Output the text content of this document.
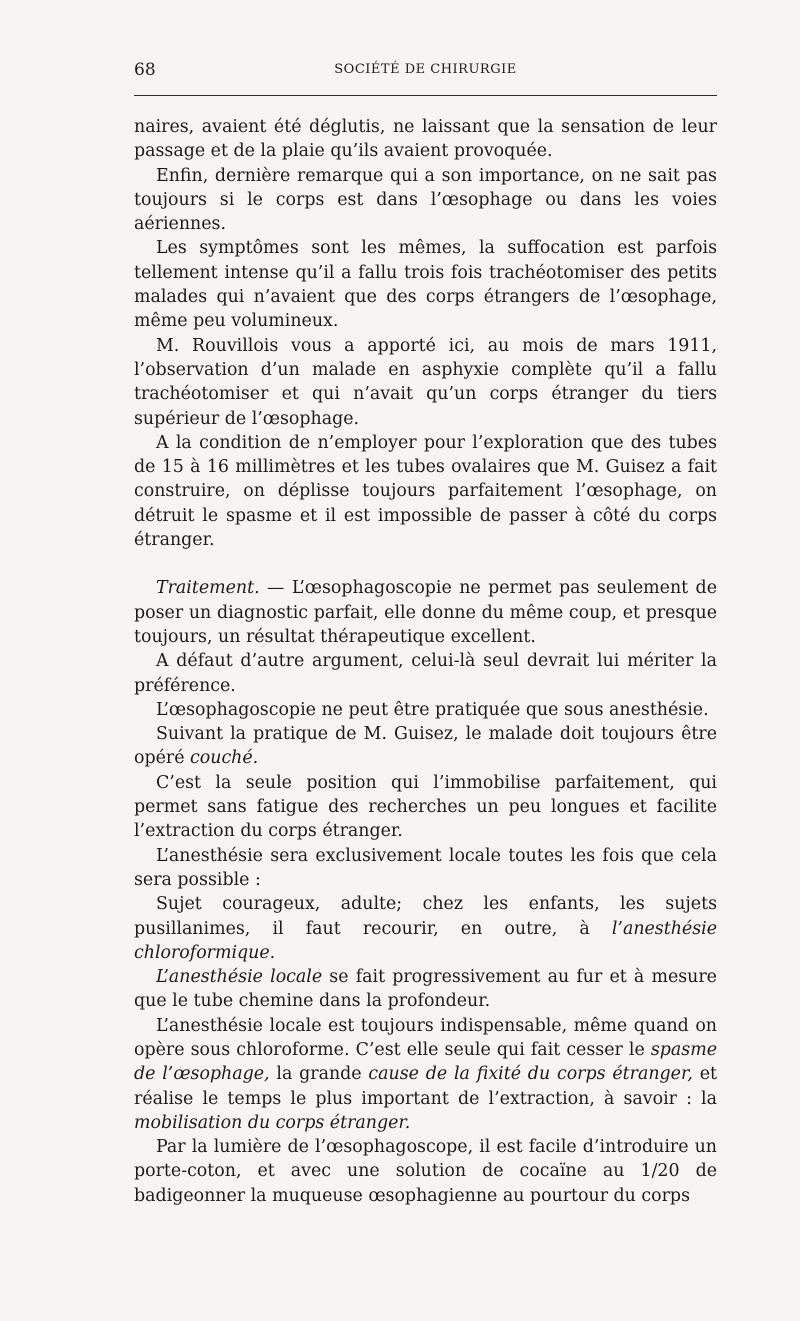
68	SOCIÉTÉ DE CHIRURGIE

naires, avaient été déglutis, ne laissant que la sensation de leur passage et de la plaie qu’ils avaient provoquée.

Enfin, dernière remarque qui a son importance, on ne sait pas toujours si le corps est dans l’œsophage ou dans les voies aériennes.

Les symptômes sont les mêmes, la suffocation est parfois tellement intense qu’il a fallu trois fois trachéotomiser des petits malades qui n’avaient que des corps étrangers de l’œsophage, même peu volumineux.

M. Rouvillois vous a apporté ici, au mois de mars 1911, l’observation d’un malade en asphyxie complète qu’il a fallu trachéotomiser et qui n’avait qu’un corps étranger du tiers supérieur de l’œsophage.

A la condition de n’employer pour l’exploration que des tubes de 15 à 16 millimètres et les tubes ovalaires que M. Guisez a fait construire, on déplisse toujours parfaitement l’œsophage, on détruit le spasme et il est impossible de passer à côté du corps étranger.

Traitement. — L’œsophagoscopie ne permet pas seulement de poser un diagnostic parfait, elle donne du même coup, et presque toujours, un résultat thérapeutique excellent.

A défaut d’autre argument, celui-là seul devrait lui mériter la préférence.

L’œsophagoscopie ne peut être pratiquée que sous anesthésie.

Suivant la pratique de M. Guisez, le malade doit toujours être opéré couché.

C’est la seule position qui l’immobilise parfaitement, qui permet sans fatigue des recherches un peu longues et facilite l’extraction du corps étranger.

L’anesthésie sera exclusivement locale toutes les fois que cela sera possible :

Sujet courageux, adulte; chez les enfants, les sujets pusillanimes, il faut recourir, en outre, à l’anesthésie chloroformique.

L’anesthésie locale se fait progressivement au fur et à mesure que le tube chemine dans la profondeur.

L’anesthésie locale est toujours indispensable, même quand on opère sous chloroforme. C’est elle seule qui fait cesser le spasme de l’œsophage, la grande cause de la fixité du corps étranger, et réalise le temps le plus important de l’extraction, à savoir : la mobilisation du corps étranger.

Par la lumière de l’œsophagoscope, il est facile d’introduire un porte-coton, et avec une solution de cocaïne au 1/20 de badigeonner la muqueuse œsophagienne au pourtour du corps
